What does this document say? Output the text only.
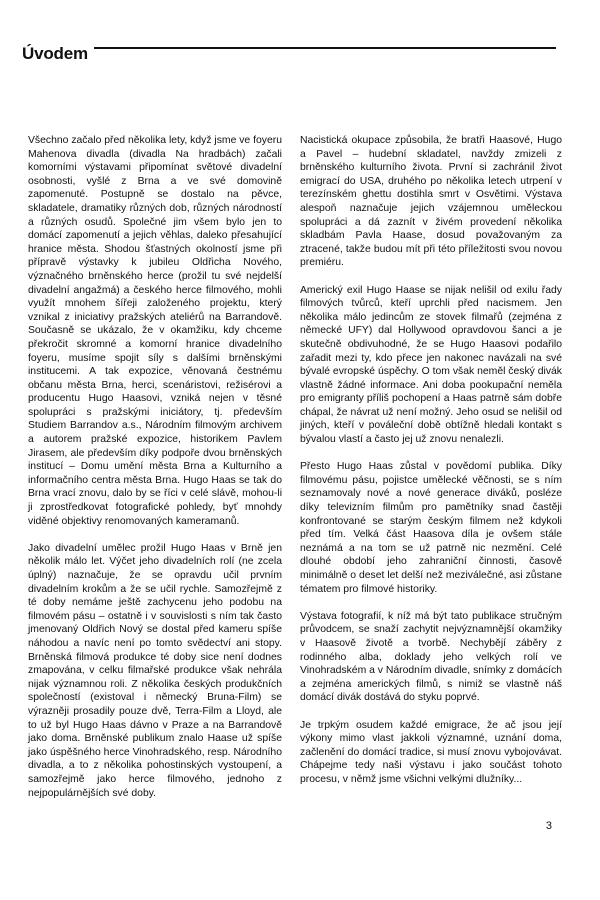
Úvodem

Všechno začalo před několika lety, když jsme ve foyeru Mahenova divadla (divadla Na hradbách) začali komorními výstavami připomínat světové divadelní osobnosti, vyšlé z Brna a ve své domovině zapomenuté. Postupně se dostalo na pěvce, skladatele, dramatiky různých dob, různých národností a různých osudů. Společné jim všem bylo jen to domácí zapomenutí a jejich věhlas, daleko přesahující hranice města. Shodou šťastných okolností jsme při přípravě výstavky k jubileu Oldřicha Nového, význačného brněnského herce (prožil tu své nejdelší divadelní angažmá) a českého herce filmového, mohli využít mnohem šířeji založeného projektu, který vznikal z iniciativy pražských ateliérů na Barrandově. Současně se ukázalo, že v okamžiku, kdy chceme překročit skromné a komorní hranice divadelního foyeru, musíme spojit síly s dalšími brněnskými institucemi. A tak expozice, věnovaná čestnému občanu města Brna, herci, scenáristovi, režisérovi a producentu Hugo Haasovi, vzniká nejen v těsné spolupráci s pražskými iniciátory, tj. především Studiem Barrandov a.s., Národním filmovým archivem a autorem pražské expozice, historikem Pavlem Jirasem, ale především díky podpoře dvou brněnských institucí – Domu umění města Brna a Kulturního a informačního centra města Brna. Hugo Haas se tak do Brna vrací znovu, dalo by se říci v celé slávě, mohou-li ji zprostředkovat fotografické pohledy, byť mnohdy viděné objektivy renomovaných kameramanů.

Jako divadelní umělec prožil Hugo Haas v Brně jen několik málo let. Výčet jeho divadelních rolí (ne zcela úplný) naznačuje, že se opravdu učil prvním divadelním krokům a že se učil rychle. Samozřejmě z té doby nemáme ještě zachycenu jeho podobu na filmovém pásu – ostatně i v souvislosti s ním tak často jmenovaný Oldřich Nový se dostal před kameru spíše náhodou a navíc není po tomto svědectví ani stopy. Brněnská filmová produkce té doby sice není dodnes zmapována, v celku filmařské produkce však nehrála nijak významnou roli. Z několika českých produkčních společností (existoval i německý Bruna-Film) se výrazněji prosadily pouze dvě, Terra-Film a Lloyd, ale to už byl Hugo Haas dávno v Praze a na Barrandově jako doma. Brněnské publikum znalo Haase už spíše jako úspěšného herce Vinohradského, resp. Národního divadla, a to z několika pohostinských vystoupení, a samozřejmě jako herce filmového, jednoho z nejpopulárnějších své doby.

Nacistická okupace způsobila, že bratři Haasové, Hugo a Pavel – hudební skladatel, navždy zmizeli z brněnského kulturního života. První si zachránil život emigrací do USA, druhého po několika letech utrpení v terezínském ghettu dostihla smrt v Osvětimi. Výstava alespoň naznačuje jejich vzájemnou uměleckou spolupráci a dá zaznít v živém provedení několika skladbám Pavla Haase, dosud považovaným za ztracené, takže budou mít při této příležitosti svou novou premiéru.

Americký exil Hugo Haase se nijak nelišil od exilu řady filmových tvůrců, kteří uprchli před nacismem. Jen několika málo jedincům ze stovek filmařů (zejména z německé UFY) dal Hollywood opravdovou šanci a je skutečně obdivuhodné, že se Hugo Haasovi podařilo zařadit mezi ty, kdo přece jen nakonec navázali na své bývalé evropské úspěchy. O tom však neměl český divák vlastně žádné informace. Ani doba pookupační neměla pro emigranty příliš pochopení a Haas patrně sám dobře chápal, že návrat už není možný. Jeho osud se nelišil od jiných, kteří v pováleční době obtížně hledali kontakt s bývalou vlastí a často jej už znovu nenalezli.

Přesto Hugo Haas zůstal v povědomí publika. Díky filmovému pásu, pojistce umělecké věčnosti, se s ním seznamovaly nové a nové generace diváků, posléze díky televizním filmům pro pamětníky snad častěji konfrontované se starým českým filmem než kdykoli před tím. Velká část Haasova díla je ovšem stále neznámá a na tom se už patrně nic nezmění. Celé dlouhé období jeho zahraniční činnosti, časově minimálně o deset let delší než meziválečné, asi zůstane tématem pro filmové historiky.

Výstava fotografií, k níž má být tato publikace stručným průvodcem, se snaží zachytit nejvýznamnější okamžiky v Haasově životě a tvorbě. Nechybějí záběry z rodinného alba, doklady jeho velkých rolí ve Vinohradském a v Národním divadle, snímky z domácích a zejména amerických filmů, s nimiž se vlastně náš domácí divák dostává do styku poprvé.

Je trpkým osudem každé emigrace, že ač jsou její výkony mimo vlast jakkoli významné, uznání doma, začlenění do domácí tradice, si musí znovu vybojovávat. Chápejme tedy naši výstavu i jako součást tohoto procesu, v němž jsme všichni velkými dlužníky...

3
